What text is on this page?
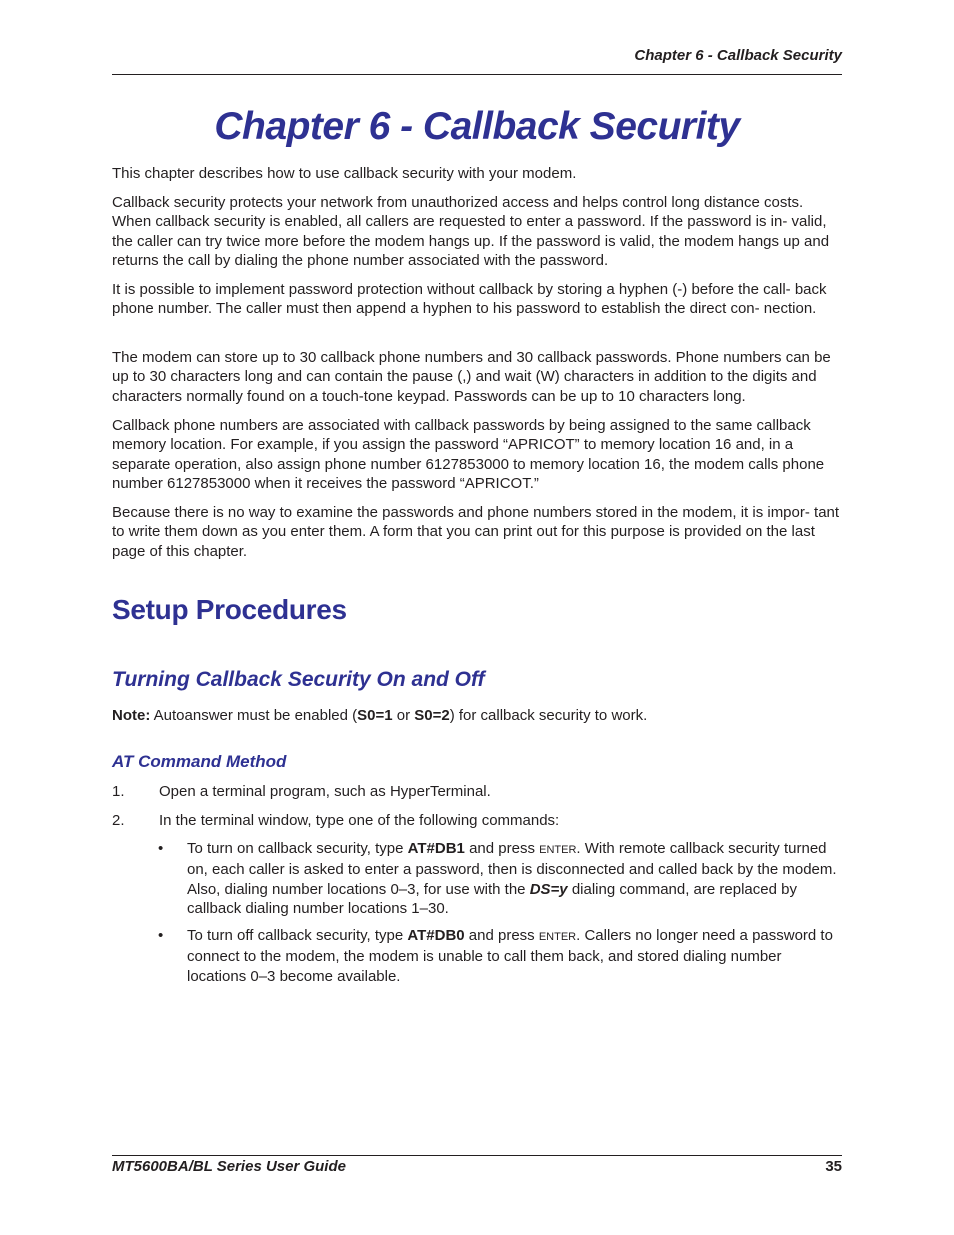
Chapter 6 - Callback Security
Chapter 6 - Callback Security

This chapter describes how to use callback security with your modem.

Callback security protects your network from unauthorized access and helps control long distance costs. When callback security is enabled, all callers are requested to enter a password. If the password is in- valid, the caller can try twice more before the modem hangs up. If the password is valid, the modem hangs up and returns the call by dialing the phone number associated with the password.

It is possible to implement password protection without callback by storing a hyphen (-) before the call- back phone number. The caller must then append a hyphen to his password to establish the direct con- nection.

The modem can store up to 30 callback phone numbers and 30 callback passwords. Phone numbers can be up to 30 characters long and can contain the pause (,) and wait (W) characters in addition to the digits and characters normally found on a touch-tone keypad. Passwords can be up to 10 characters long.

Callback phone numbers are associated with callback passwords by being assigned to the same callback memory location. For example, if you assign the password “APRICOT” to memory location 16 and, in a separate operation, also assign phone number 6127853000 to memory location 16, the modem calls phone number 6127853000 when it receives the password “APRICOT.”

Because there is no way to examine the passwords and phone numbers stored in the modem, it is impor- tant to write them down as you enter them. A form that you can print out for this purpose is provided on the last page of this chapter.

Setup Procedures
Turning Callback Security On and Off

Note: Autoanswer must be enabled (S0=1 or S0=2) for callback security to work.

AT Command Method
1.	Open a terminal program, such as HyperTerminal.

2.	In the terminal window, type one of the following commands:

•	To turn on callback security, type AT#DB1 and press ENTER. With remote callback security turned on, each caller is asked to enter a password, then is disconnected and called back by the modem. Also, dialing number locations 0–3, for use with the DS=y dialing command, are replaced by callback dialing number locations 1–30.

•	To turn off callback security, type AT#DB0 and press ENTER. Callers no longer need a password to connect to the modem, the modem is unable to call them back, and stored dialing number locations 0–3 become available.

MT5600BA/BL Series User Guide	35
